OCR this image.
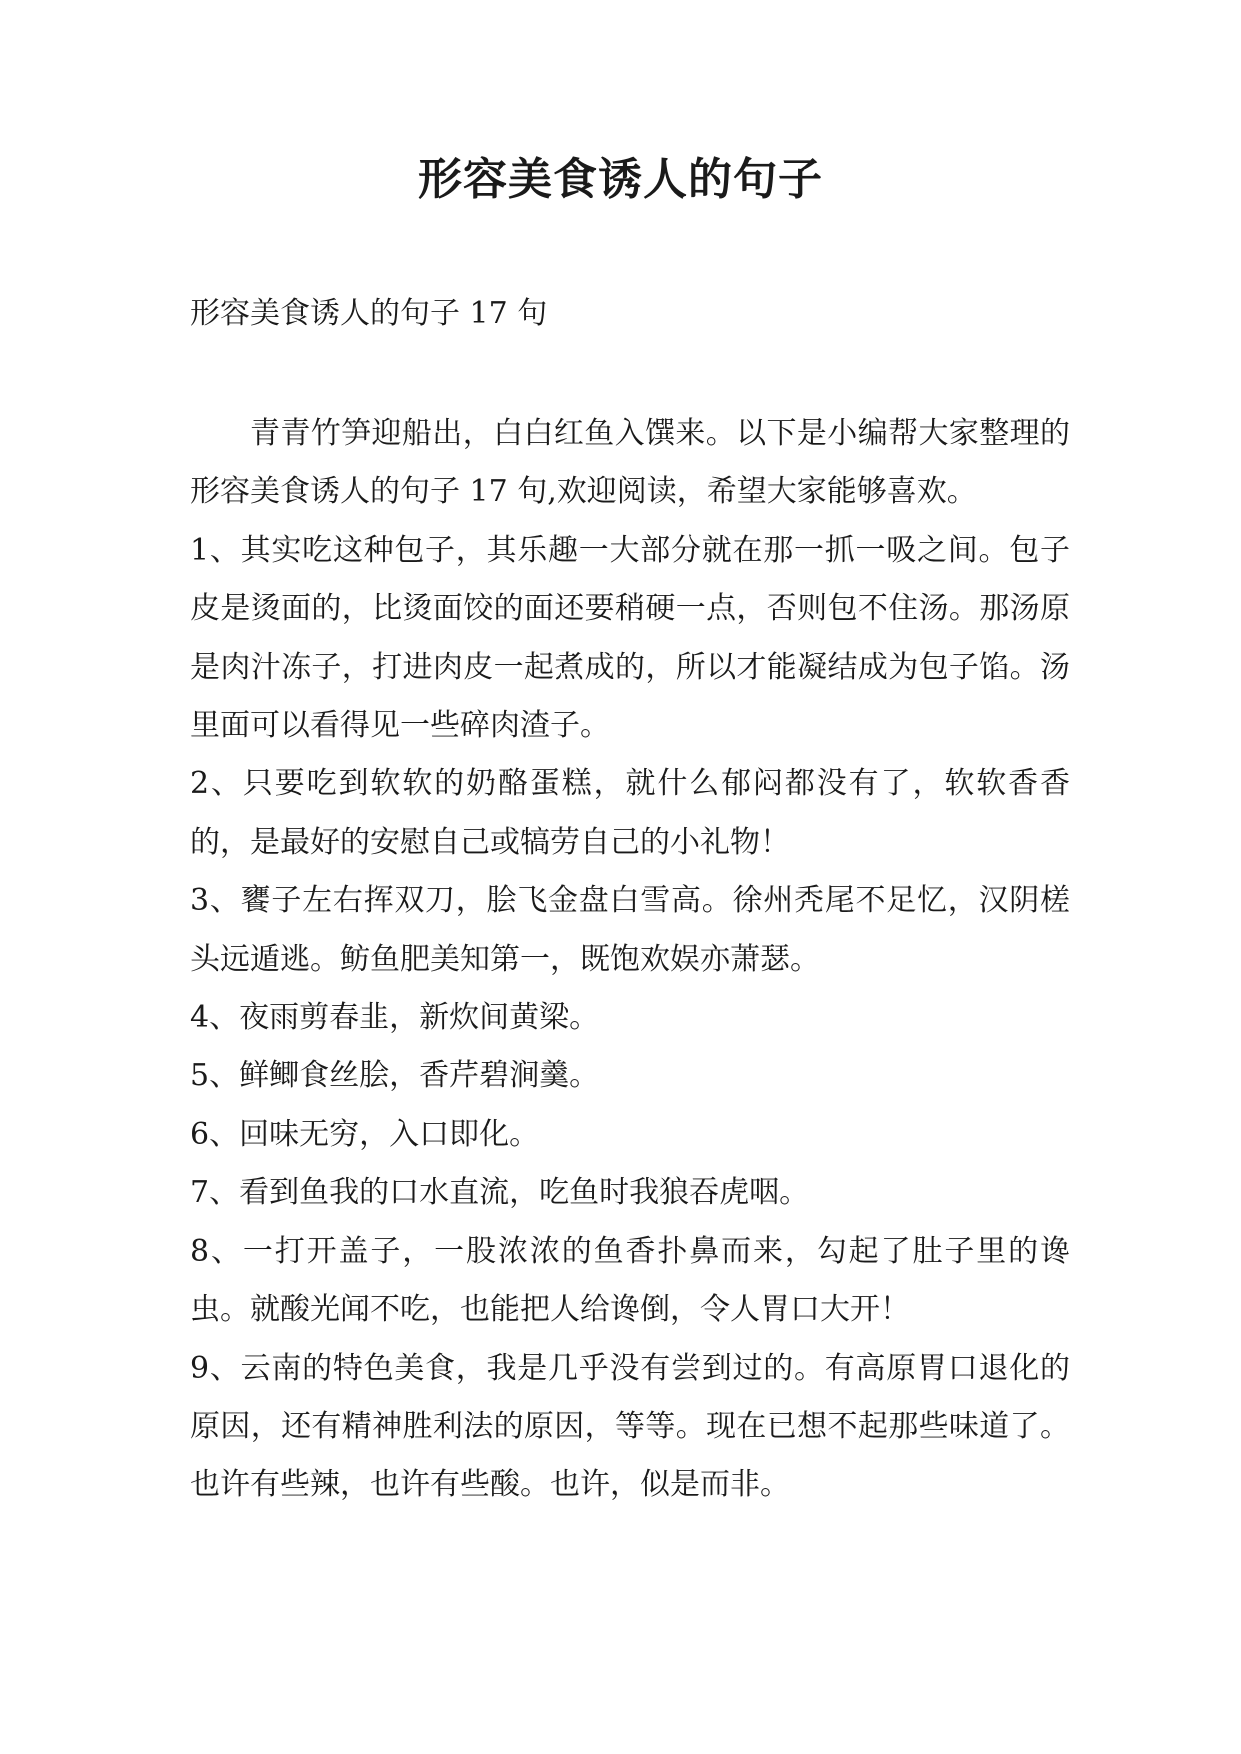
形容美食诱人的句子

形容美食诱人的句子 17 句

青青竹笋迎船出，白白红鱼入馔来。以下是小编帮大家整理的形容美食诱人的句子 17 句,欢迎阅读，希望大家能够喜欢。

1、其实吃这种包子，其乐趣一大部分就在那一抓一吸之间。包子皮是烫面的，比烫面饺的面还要稍硬一点，否则包不住汤。那汤原是肉汁冻子，打进肉皮一起煮成的，所以才能凝结成为包子馅。汤里面可以看得见一些碎肉渣子。

2、只要吃到软软的奶酪蛋糕，就什么郁闷都没有了，软软香香的，是最好的安慰自己或犒劳自己的小礼物！

3、饔子左右挥双刀，脍飞金盘白雪高。徐州秃尾不足忆，汉阴槎头远遁逃。鲂鱼肥美知第一，既饱欢娱亦萧瑟。

4、夜雨剪春韭，新炊间黄梁。

5、鲜鲫食丝脍，香芹碧涧羹。

6、回味无穷，入口即化。

7、看到鱼我的口水直流，吃鱼时我狼吞虎咽。

8、一打开盖子，一股浓浓的鱼香扑鼻而来，勾起了肚子里的谗虫。就酸光闻不吃，也能把人给谗倒，令人胃口大开！

9、云南的特色美食，我是几乎没有尝到过的。有高原胃口退化的原因，还有精神胜利法的原因，等等。现在已想不起那些味道了。也许有些辣，也许有些酸。也许，似是而非。
